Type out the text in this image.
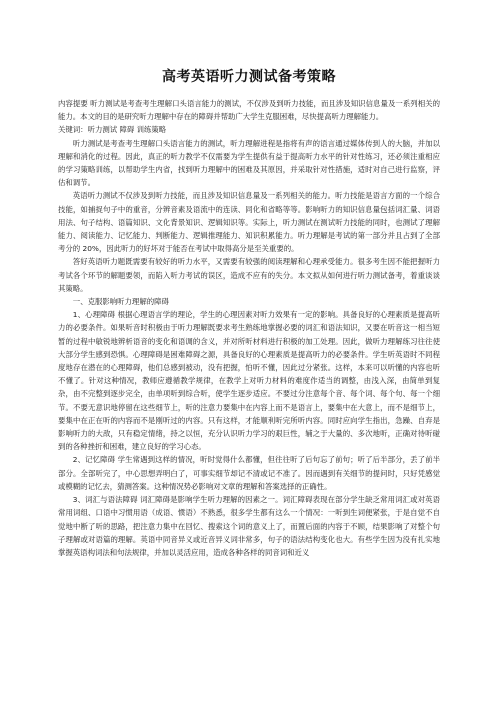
高考英语听力测试备考策略

内容提要 听力测试是考查考生理解口头语言能力的测试，不仅涉及到听力技能，而且涉及知识信息量及一系列相关的能力。本文的目的是研究听力理解中存在的障碍并帮助广大学生克服困难，尽快提高听力理解能力。

关键词：听力测试 障碍 训练策略

听力测试是考查考生理解口头语言能力的测试，听力理解进程是指将有声的语言通过媒体传到人的大脑，并加以理解和消化的过程。因此，真正的听力教学不仅需要为学生提供有益于提高听力水平的针对性练习，还必须注重相应的学习策略训练，以帮助学生内省，找到听力理解中的困难及其原因，并采取针对性措施，适时对自己进行监察，评估和调节。

英语听力测试不仅涉及到听力技能，而且涉及知识信息量及一系列相关的能力。听力技能是语言方面的一个综合技能，如捕捉句子中的重音，分辨音素及语流中的连读、同化和省略等等。影响听力的知识信息量包括词汇量、词语用法、句子结构、语篇知识、文化背景知识、逻辑知识等。实际上，听力测试在测试听力技能的同时，也测试了理解能力、阅读能力、记忆能力、判断能力、逻辑推理能力、知识积累能力。听力理解是考试的第一部分并且占到了全部考分的 20%，因此听力的好坏对于能否在考试中取得高分是至关重要的。

答好英语听力题既需要有较好的听力水平，又需要有较强的阅读理解和心理承受能力。很多考生因不能把握听力考试各个环节的解题要领，而陷入听力考试的误区，造成不应有的失分。本文拟从如何进行听力测试备考，着重谈谈其策略。

一、克服影响听力理解的障碍

1、心理障碍 根据心理语言学的理论，学生的心理因素对听力效果有一定的影响。具备良好的心理素质是提高听力的必要条件。如果听音时积极由于听力理解既要求考生熟练地掌握必要的词汇和语法知识，又要在听音这一相当短暂的过程中敏锐地辨析语音的变化和语调的含义，并对所听材料进行积极的加工处理。因此，做听力理解练习往往使大部分学生感到恐惧。心理障碍是困难障碍之源，具备良好的心理素质是提高听力的必要条件。学生听英语时不同程度地存在潜在的心理障碍，他们总感到被动，没有把握，怕听不懂，因此过分紧张。这样，本来可以听懂的内容也听不懂了。针对这种情况，教师应遵循教学规律，在教学上对听力材料的难度作适当的调整，由浅入深，由简单到复杂，由不完整到逐步完全，由单项听到综合听，使学生逐步适应。不要过分注意每个音、每个词、每个句、每一个细节。不要无意识地停留在这些细节上，听的注意力要集中在内容上而不是语言上，要集中在大意上，而不是细节上，要集中在正在听的内容而不是刚听过的内容。只有这样，才能顺利听完所听内容。同时应向学生指出，急躁、自弃是影响听力的大敌，只有稳定情绪，持之以恒，充分认识听力学习的艰巨性，辅之于大量的、多次地听，正确对待听碰到的各种挫折和困难，建立良好的学习心态。

2、记忆障碍 学生常遇到这样的情况，听时觉得什么都懂，但往往听了后句忘了前句；听了后半部分，丢了前半部分。全部听完了，中心思想弄明白了，可事实细节却记不清或记不准了。因而遇到有关细节的提问时，只好凭感觉或模糊的记忆去，猜测答案。这种情况势必影响对文章的理解和答案选择的正确性。

3、词汇与语法障碍 词汇障碍是影响学生听力理解的因素之一。词汇障碍表现在部分学生缺乏常用词汇或对英语常用词组、口语中习惯用语（成语、惯语）不熟悉，很多学生都有这么一个情况：一听到生词便紧张，于是自觉不自觉地中断了听的思路，把注意力集中在回忆、搜索这个词的意义上了，而置后面的内容于不顾，结果影响了对整个句子理解或对语篇的理解。英语中同音异义或近音异义词非常多，句子的语法结构变化也大。有些学生因为没有扎实地掌握英语构词法和句法规律，并加以灵活应用，造成各种各样的同音词和近义
